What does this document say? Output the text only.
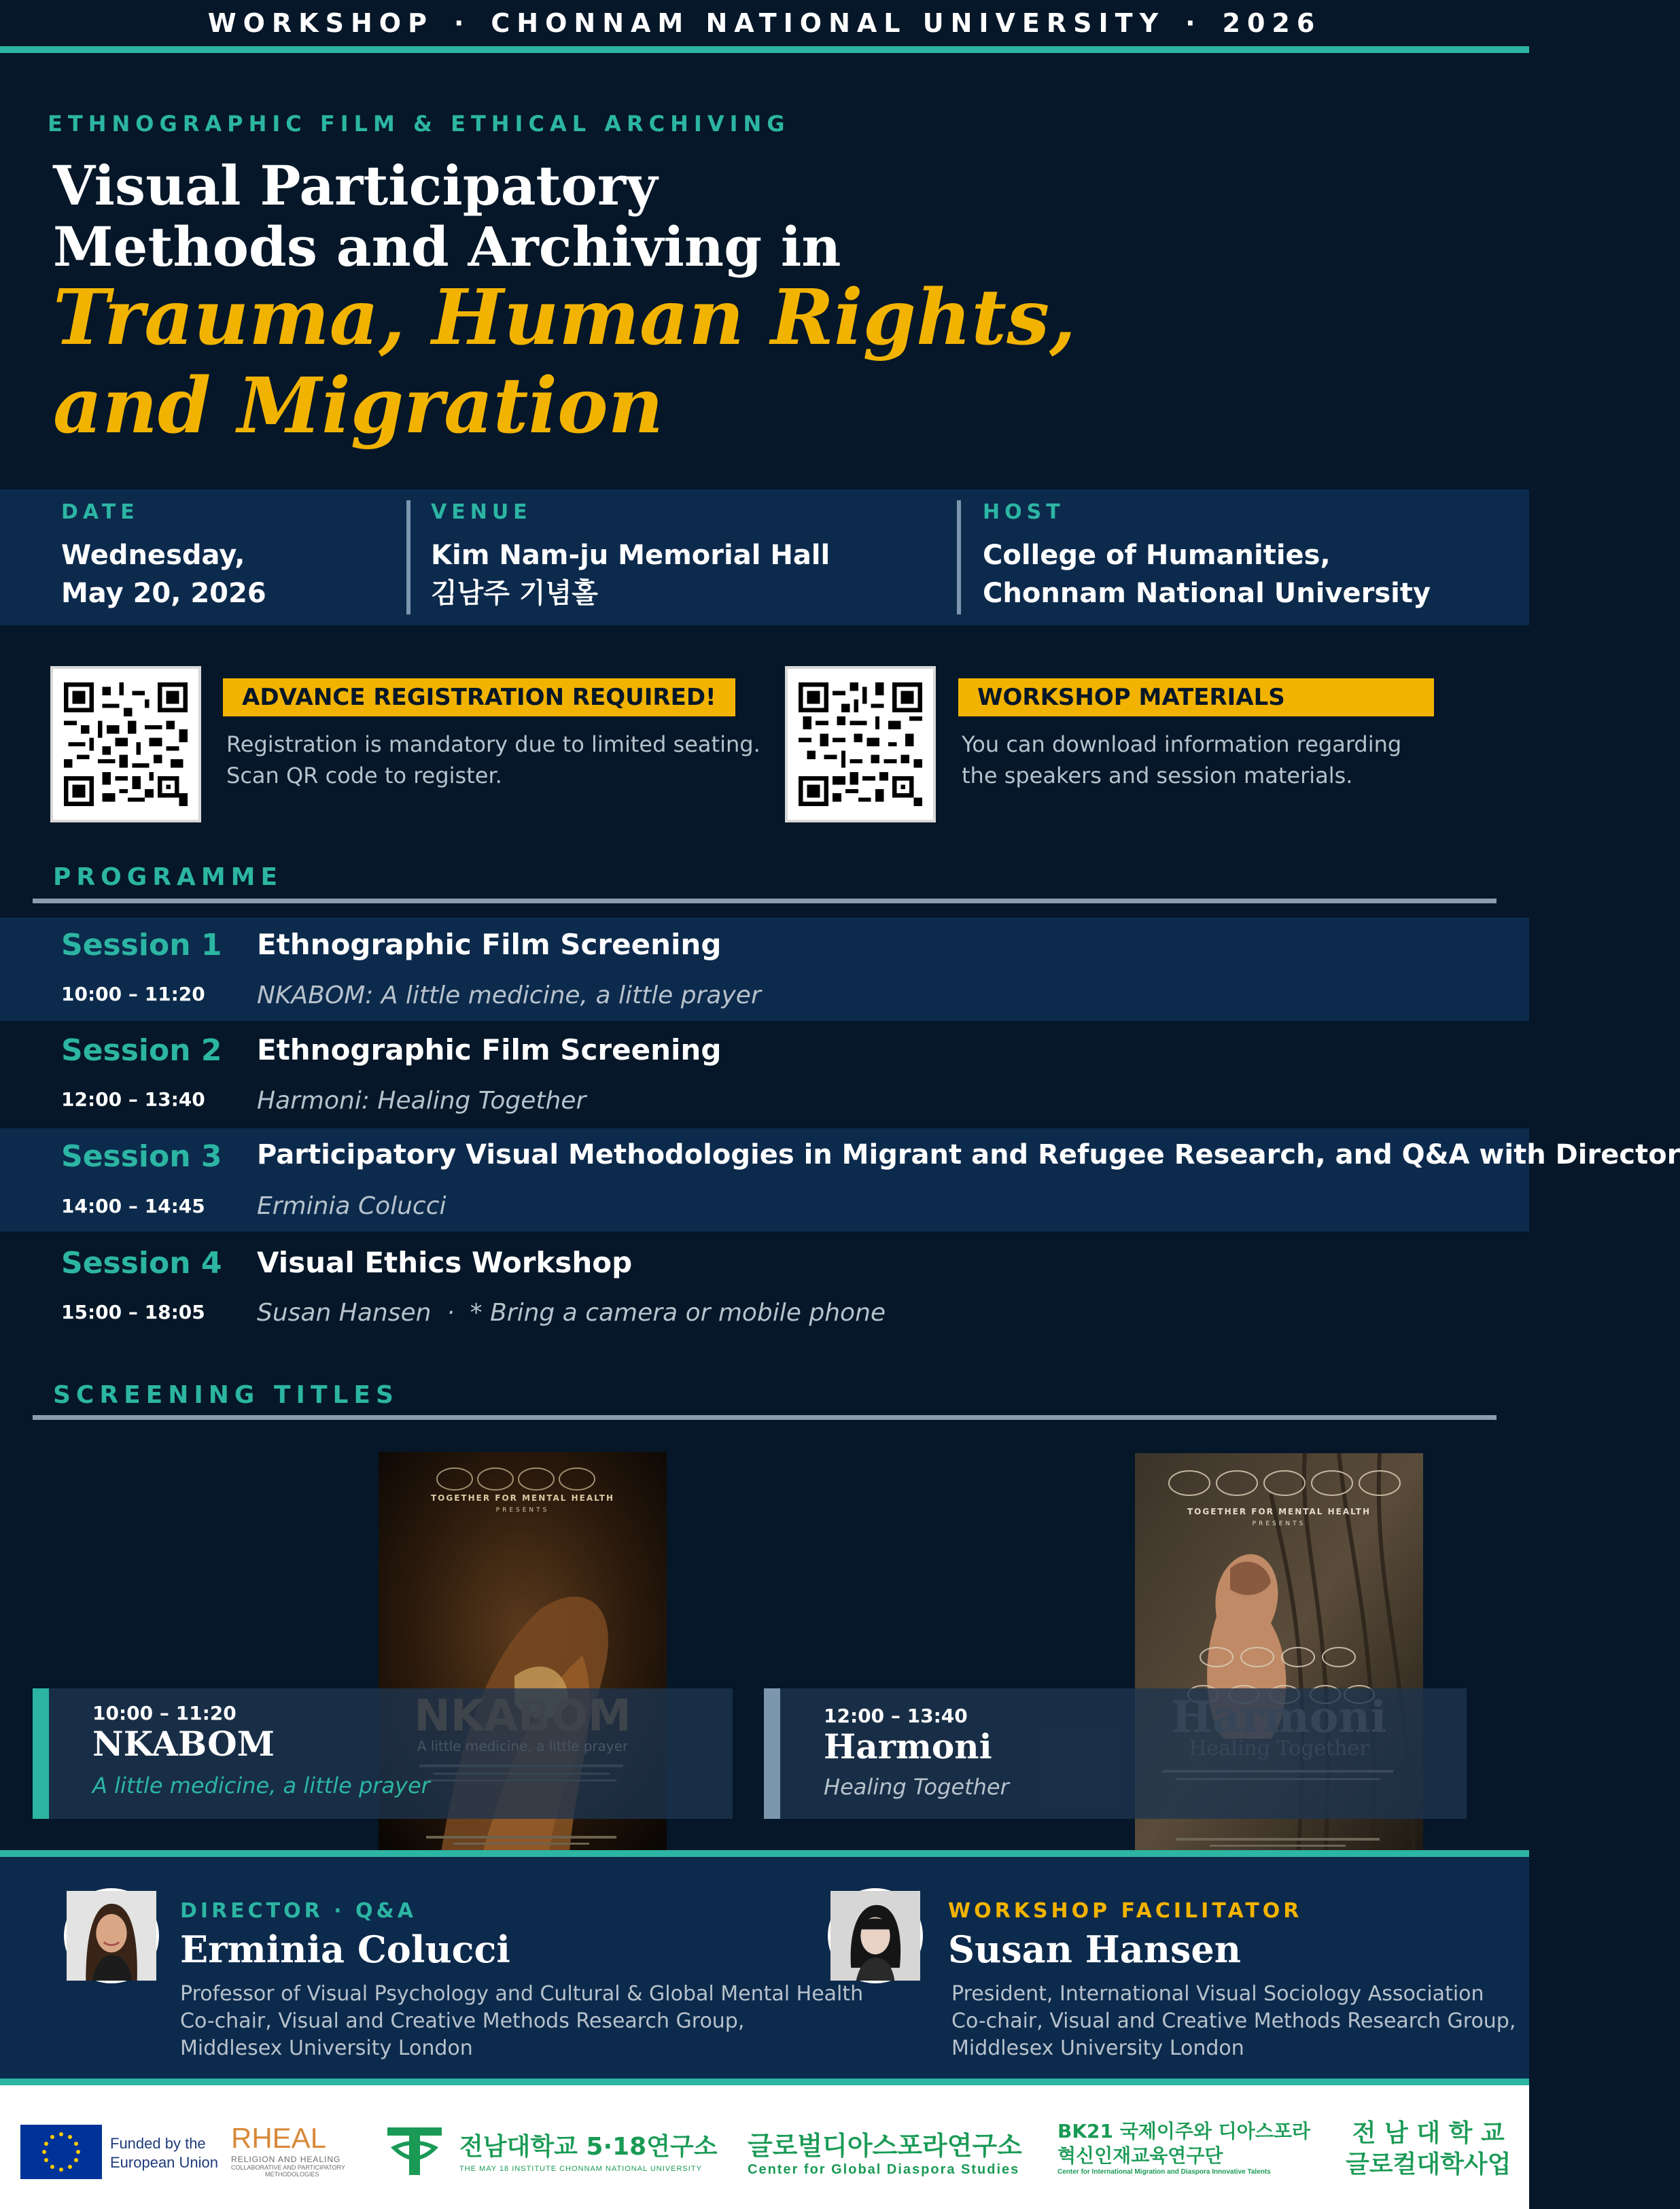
WORKSHOP · CHONNAM NATIONAL UNIVERSITY · 2026
ETHNOGRAPHIC FILM & ETHICAL ARCHIVING
Visual Participatory
Methods and Archiving in
Trauma, Human Rights,
and Migration
DATE
Wednesday,
May 20, 2026
VENUE
Kim Nam-ju Memorial Hall
김남주 기념홀
HOST
College of Humanities,
Chonnam National University
ADVANCE REGISTRATION REQUIRED!
Registration is mandatory due to limited seating.
Scan QR code to register.
WORKSHOP MATERIALS
You can download information regarding
the speakers and session materials.
PROGRAMME
Session 1
10:00 – 11:20
Ethnographic Film Screening
NKABOM: A little medicine, a little prayer
Session 2
12:00 – 13:40
Ethnographic Film Screening
Harmoni: Healing Together
Session 3
14:00 – 14:45
Participatory Visual Methodologies in Migrant and Refugee Research, and Q&A with Director
Erminia Colucci
Session 4
15:00 – 18:05
Visual Ethics Workshop
Susan Hansen  ·  * Bring a camera or mobile phone
SCREENING TITLES
TOGETHER FOR MENTAL HEALTH
PRESENTS	TOGETHER FOR MENTAL HEALTH
PRESENTS
10:00 – 11:20
NKABOM
A little medicine, a little prayer
12:00 – 13:40
Harmoni
Healing Together
DIRECTOR · Q&A
Erminia Colucci
Professor of Visual Psychology and Cultural & Global Mental Health
Co-chair, Visual and Creative Methods Research Group,
Middlesex University London
WORKSHOP FACILITATOR
Susan Hansen
President, International Visual Sociology Association
Co-chair, Visual and Creative Methods Research Group,
Middlesex University London
Funded by the
European Union
RHEAL
RELIGION AND HEALING
COLLABORATIVE AND PARTICIPATORY
METHODOLOGIES
전남대학교 5·18연구소
THE MAY 18 INSTITUTE CHONNAM NATIONAL UNIVERSITY
글로벌디아스포라연구소
Center for Global Diaspora Studies
BK21 국제이주와 디아스포라
혁신인재교육연구단
Center for International Migration and Diaspora Innovative Talents
전 남 대 학 교
글로컬대학사업
